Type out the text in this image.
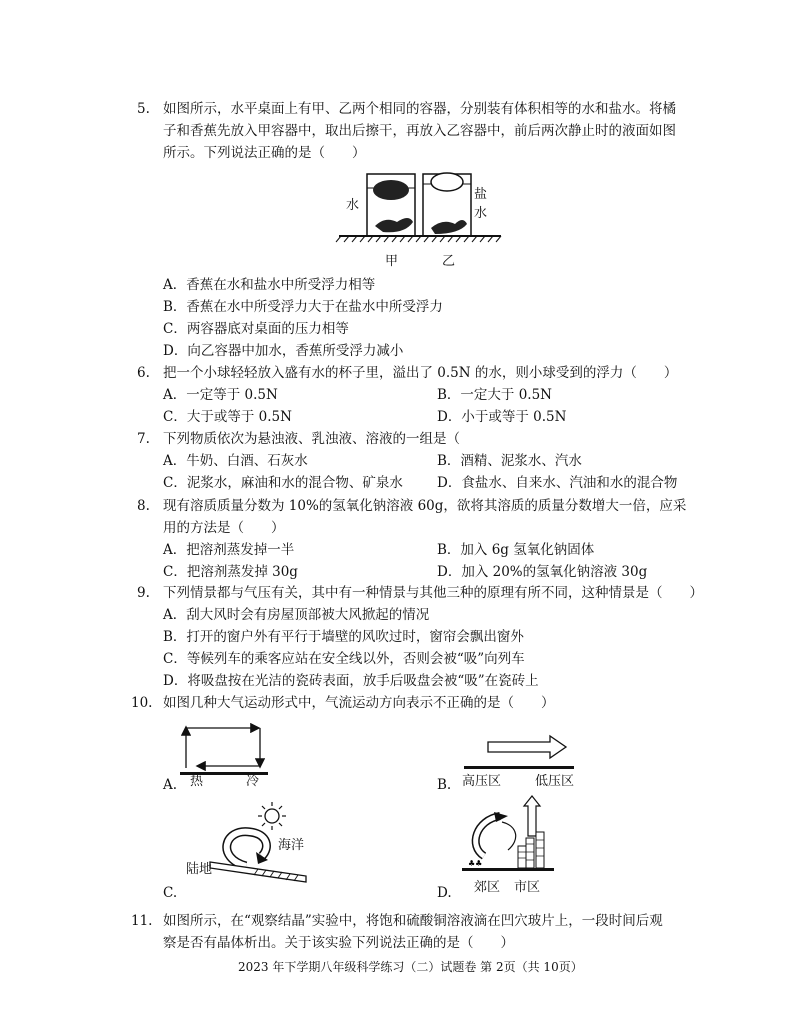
5. 如图所示，水平桌面上有甲、乙两个相同的容器，分别装有体积相等的水和盐水。将橘
子和香蕉先放入甲容器中，取出后擦干，再放入乙容器中，前后两次静止时的液面如图
所示。下列说法正确的是（　　）
水
盐
水
甲	乙
A．香蕉在水和盐水中所受浮力相等
B．香蕉在水中所受浮力大于在盐水中所受浮力
C．两容器底对桌面的压力相等
D．向乙容器中加水，香蕉所受浮力减小
6. 把一个小球轻轻放入盛有水的杯子里，溢出了 0.5N 的水，则小球受到的浮力（　　）
A．一定等于 0.5N	B．一定大于 0.5N
C．大于或等于 0.5N	D．小于或等于 0.5N
7. 下列物质依次为悬浊液、乳浊液、溶液的一组是（
A．牛奶、白酒、石灰水	B．酒精、泥浆水、汽水
C．泥浆水，麻油和水的混合物、矿泉水	D．食盐水、自来水、汽油和水的混合物
8. 现有溶质质量分数为 10%的氢氧化钠溶液 60g，欲将其溶质的质量分数增大一倍，应采
用的方法是（　　）
A．把溶剂蒸发掉一半	B．加入 6g 氢氧化钠固体
C．把溶剂蒸发掉 30g	D．加入 20%的氢氧化钠溶液 30g
9. 下列情景都与气压有关，其中有一种情景与其他三种的原理有所不同，这种情景是（　　）
A．刮大风时会有房屋顶部被大风掀起的情况
B．打开的窗户外有平行于墙壁的风吹过时，窗帘会飘出窗外
C．等候列车的乘客应站在安全线以外，否则会被“吸”向列车
D．将吸盘按在光洁的瓷砖表面，放手后吸盘会被“吸”在瓷砖上
10. 如图几种大气运动形式中，气流运动方向表示不正确的是（　　）
A. 热	冷	B. 高压区	低压区
海洋
陆地
C.
♣♣
郊区 市区
D.
11. 如图所示，在“观察结晶”实验中，将饱和硫酸铜溶液滴在凹穴玻片上，一段时间后观
察是否有晶体析出。关于该实验下列说法正确的是（　　）
2023 年下学期八年级科学练习（二）试题卷 第 2页（共 10页）
